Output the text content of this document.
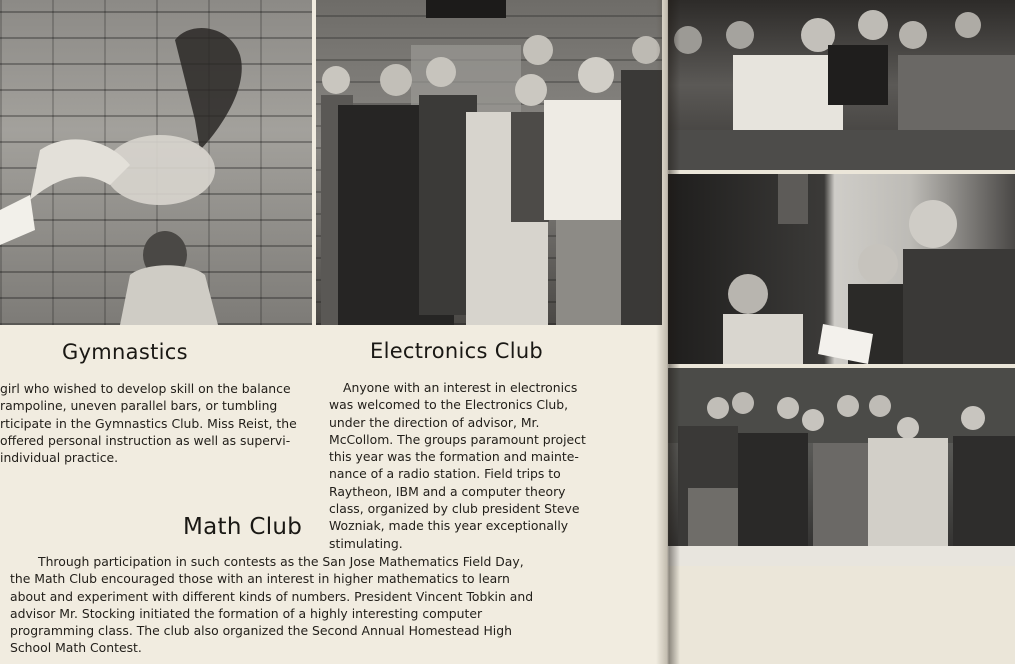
Gymnastics
girl who wished to develop skill on the balance
rampoline, uneven parallel bars, or tumbling
rticipate in the Gymnastics Club. Miss Reist, the
offered personal instruction as well as supervi-
individual practice.
Electronics Club
Anyone with an interest in electronics
was welcomed to the Electronics Club,
under the direction of advisor, Mr.
McCollom. The groups paramount project
this year was the formation and mainte-
nance of a radio station. Field trips to
Raytheon, IBM and a computer theory
class, organized by club president Steve
Wozniak, made this year exceptionally
stimulating.
Math Club
Through participation in such contests as the San Jose Mathematics Field Day,
the Math Club encouraged those with an interest in higher mathematics to learn
about and experiment with different kinds of numbers. President Vincent Tobkin and
advisor Mr. Stocking initiated the formation of a highly interesting computer
programming class. The club also organized the Second Annual Homestead High
School Math Contest.
